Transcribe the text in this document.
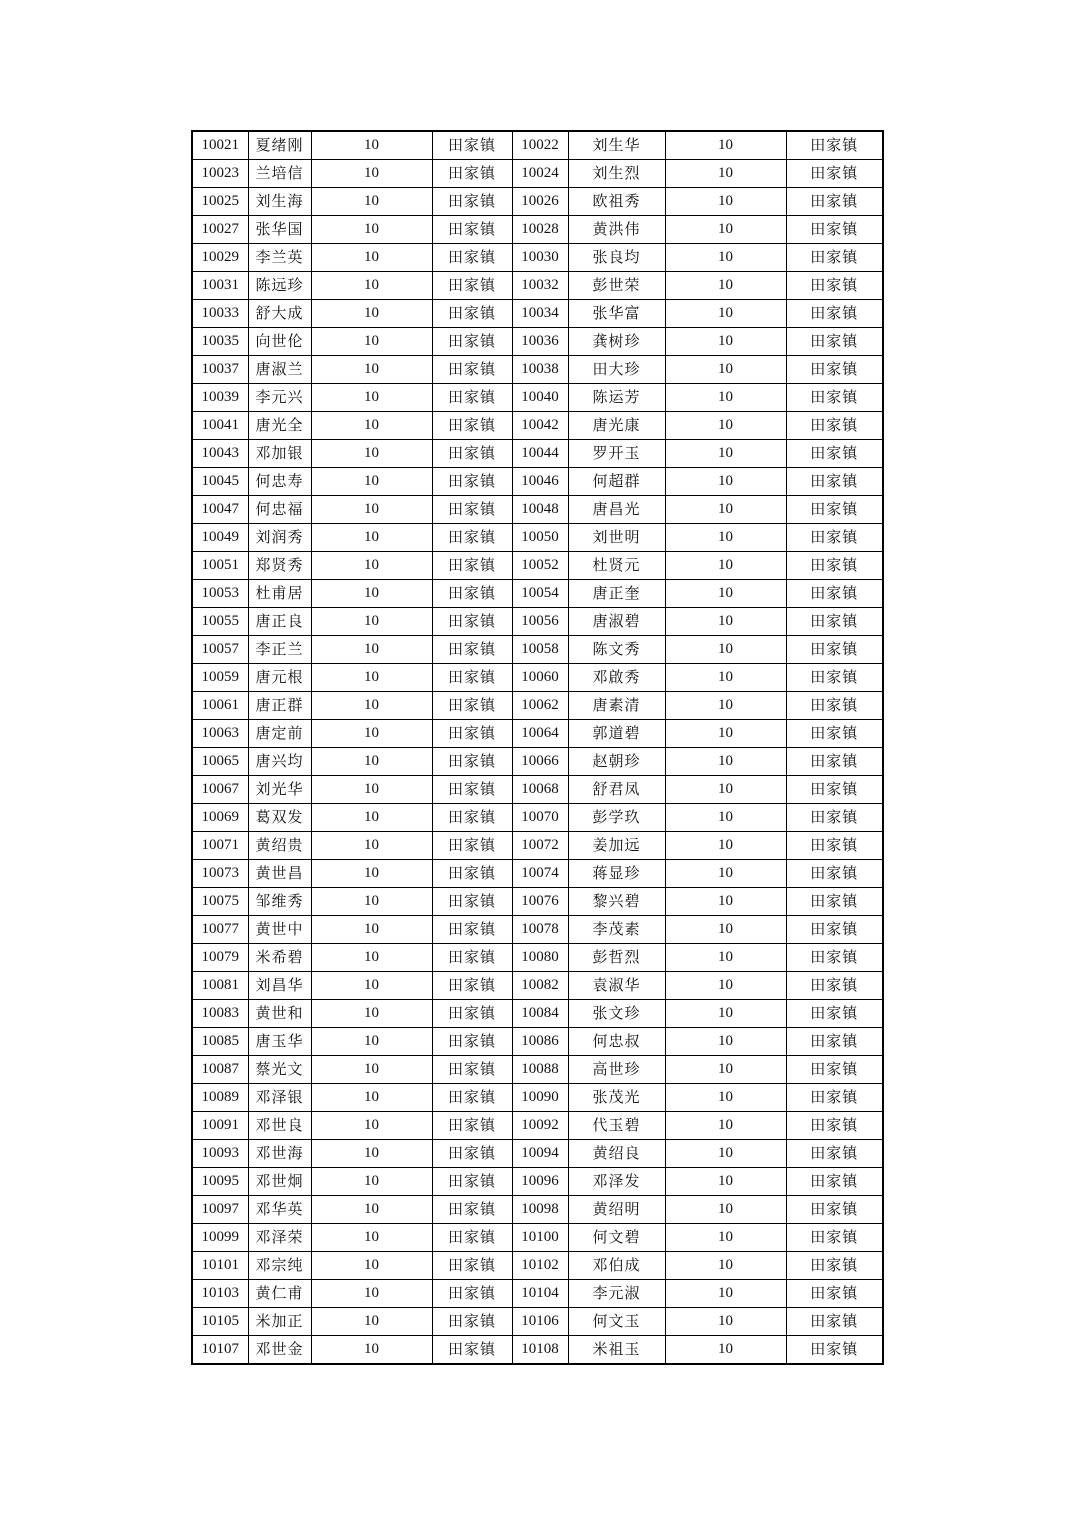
10021	夏绪刚	10	田家镇	10022	刘生华	10	田家镇
10023	兰培信	10	田家镇	10024	刘生烈	10	田家镇
10025	刘生海	10	田家镇	10026	欧祖秀	10	田家镇
10027	张华国	10	田家镇	10028	黄洪伟	10	田家镇
10029	李兰英	10	田家镇	10030	张良均	10	田家镇
10031	陈远珍	10	田家镇	10032	彭世荣	10	田家镇
10033	舒大成	10	田家镇	10034	张华富	10	田家镇
10035	向世伦	10	田家镇	10036	龚树珍	10	田家镇
10037	唐淑兰	10	田家镇	10038	田大珍	10	田家镇
10039	李元兴	10	田家镇	10040	陈运芳	10	田家镇
10041	唐光全	10	田家镇	10042	唐光康	10	田家镇
10043	邓加银	10	田家镇	10044	罗开玉	10	田家镇
10045	何忠寿	10	田家镇	10046	何超群	10	田家镇
10047	何忠福	10	田家镇	10048	唐昌光	10	田家镇
10049	刘润秀	10	田家镇	10050	刘世明	10	田家镇
10051	郑贤秀	10	田家镇	10052	杜贤元	10	田家镇
10053	杜甫居	10	田家镇	10054	唐正奎	10	田家镇
10055	唐正良	10	田家镇	10056	唐淑碧	10	田家镇
10057	李正兰	10	田家镇	10058	陈文秀	10	田家镇
10059	唐元根	10	田家镇	10060	邓啟秀	10	田家镇
10061	唐正群	10	田家镇	10062	唐素清	10	田家镇
10063	唐定前	10	田家镇	10064	郭道碧	10	田家镇
10065	唐兴均	10	田家镇	10066	赵朝珍	10	田家镇
10067	刘光华	10	田家镇	10068	舒君凤	10	田家镇
10069	葛双发	10	田家镇	10070	彭学玖	10	田家镇
10071	黄绍贵	10	田家镇	10072	姜加远	10	田家镇
10073	黄世昌	10	田家镇	10074	蒋显珍	10	田家镇
10075	邹维秀	10	田家镇	10076	黎兴碧	10	田家镇
10077	黄世中	10	田家镇	10078	李茂素	10	田家镇
10079	米希碧	10	田家镇	10080	彭哲烈	10	田家镇
10081	刘昌华	10	田家镇	10082	袁淑华	10	田家镇
10083	黄世和	10	田家镇	10084	张文珍	10	田家镇
10085	唐玉华	10	田家镇	10086	何忠叔	10	田家镇
10087	蔡光文	10	田家镇	10088	高世珍	10	田家镇
10089	邓泽银	10	田家镇	10090	张茂光	10	田家镇
10091	邓世良	10	田家镇	10092	代玉碧	10	田家镇
10093	邓世海	10	田家镇	10094	黄绍良	10	田家镇
10095	邓世炯	10	田家镇	10096	邓泽发	10	田家镇
10097	邓华英	10	田家镇	10098	黄绍明	10	田家镇
10099	邓泽荣	10	田家镇	10100	何文碧	10	田家镇
10101	邓宗纯	10	田家镇	10102	邓伯成	10	田家镇
10103	黄仁甫	10	田家镇	10104	李元淑	10	田家镇
10105	米加正	10	田家镇	10106	何文玉	10	田家镇
10107	邓世金	10	田家镇	10108	米祖玉	10	田家镇
